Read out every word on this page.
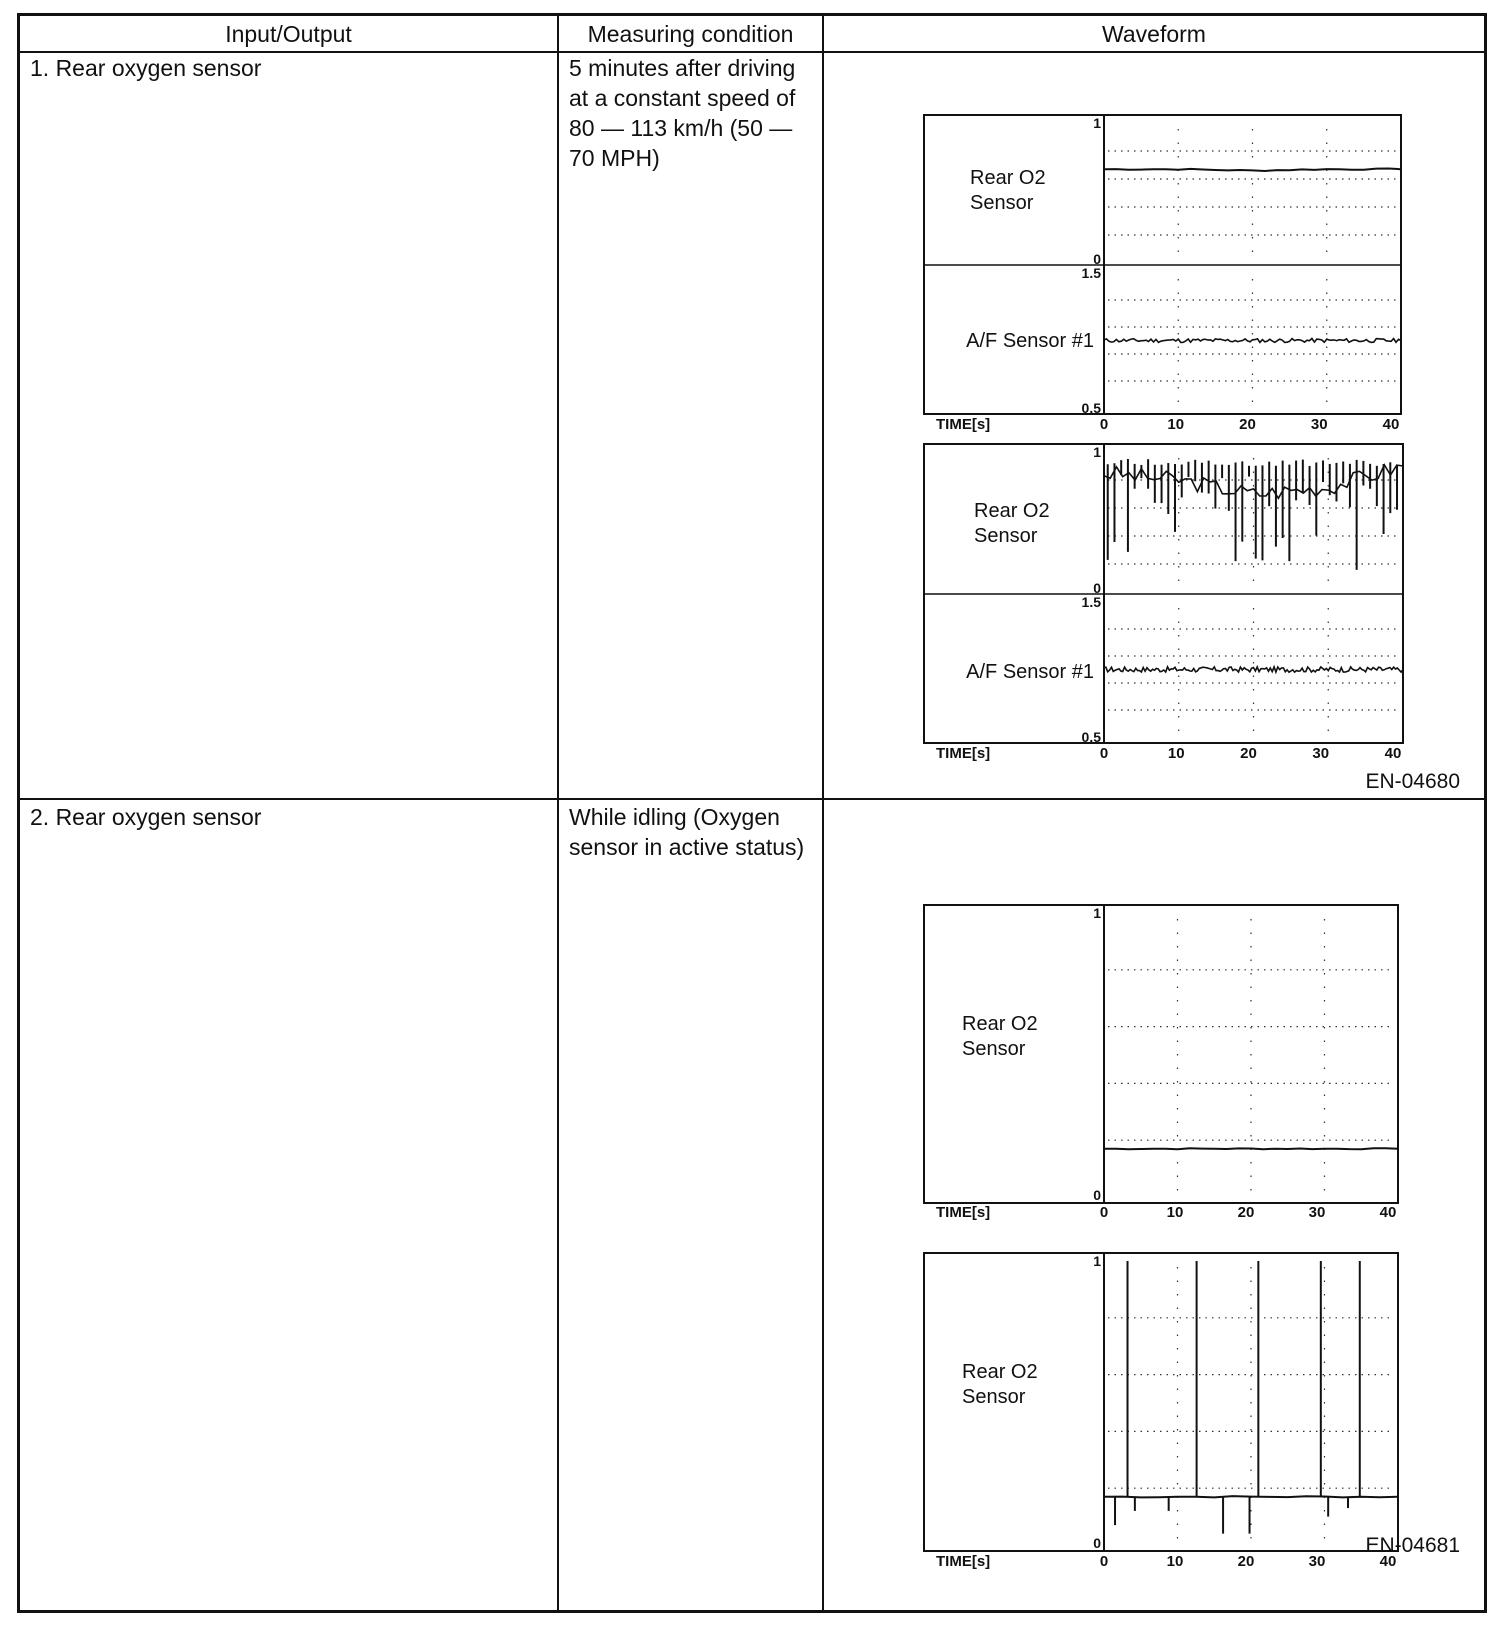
Input/Output	Measuring condition	Waveform
1. Rear oxygen sensor	5 minutes after driving
at a constant speed of
80 — 113 km/h (50 —
70 MPH)
EN-04680
2. Rear oxygen sensor	While idling (Oxygen
sensor in active status)
EN-04681
Rear O2
Sensor
A/F Sensor #1
1
0
1.5
0.5
TIME[s]	0	10	20	30	40
Rear O2
Sensor
A/F Sensor #1
1
0
1.5
0.5
TIME[s]	0	10	20	30	40
Rear O2
Sensor
1
0
TIME[s]	0	10	20	30	40
Rear O2
Sensor
1
0
TIME[s]	0	10	20	30	40
